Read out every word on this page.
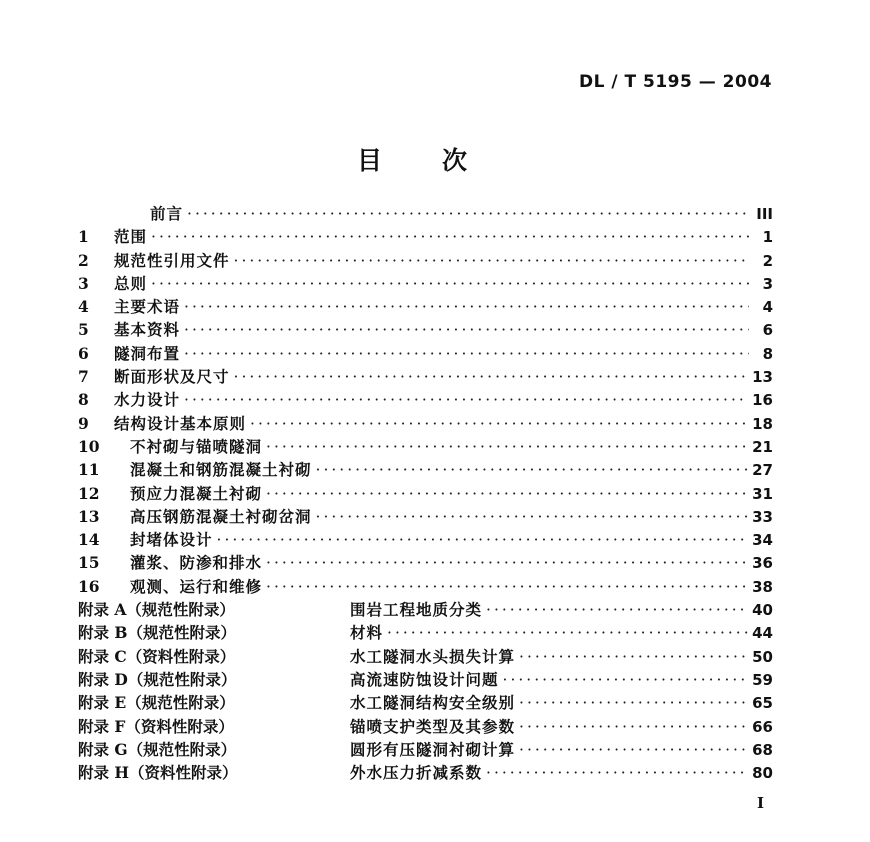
DL / T 5195 — 2004
目次
前言 ·····	III
1	范围 ·····	1
2	规范性引用文件 ·····	2
3	总则 ·····	3
4	主要术语 ·····	4
5	基本资料 ·····	6
6	隧洞布置 ·····	8
7	断面形状及尺寸 ·····	13
8	水力设计 ·····	16
9	结构设计基本原则 ·····	18
10	不衬砌与锚喷隧洞 ·····	21
11	混凝土和钢筋混凝土衬砌 ·····	27
12	预应力混凝土衬砌 ·····	31
13	高压钢筋混凝土衬砌岔洞 ·····	33
14	封堵体设计 ·····	34
15	灌浆、防渗和排水 ·····	36
16	观测、运行和维修 ·····	38
附录 A（规范性附录）	围岩工程地质分类 ·····	40
附录 B（规范性附录）	材料 ·····	44
附录 C（资料性附录）	水工隧洞水头损失计算 ·····	50
附录 D（规范性附录）	高流速防蚀设计问题 ·····	59
附录 E（规范性附录）	水工隧洞结构安全级别 ·····	65
附录 F（资料性附录）	锚喷支护类型及其参数 ·····	66
附录 G（规范性附录）	圆形有压隧洞衬砌计算 ·····	68
附录 H（资料性附录）	外水压力折减系数 ·····	80
I
